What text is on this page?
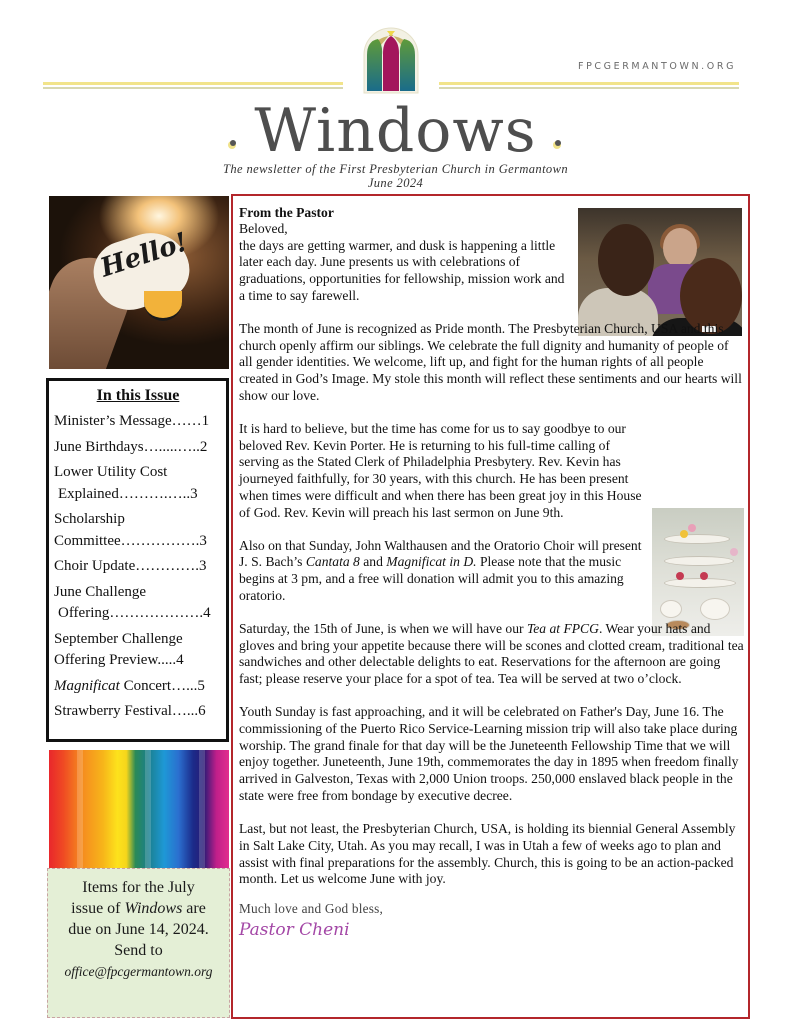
FPCGERMANTOWN.ORG
Windows
The newsletter of the First Presbyterian Church in Germantown
June 2024
Hello!
In this Issue
Minister’s Message……1
June Birthdays….....…..2
Lower Utility Cost
Explained……….…..3
Scholarship
Committee…………….3
Choir Update………….3
June Challenge
Offering……………….4
September Challenge
Offering Preview.....4
Magnificat Concert…...5
Strawberry Festival…...6
Items for the July
issue of Windows are
due on June 14, 2024.
Send to
office@fpcgermantown.org
From the Pastor
Beloved,

the days are getting warmer, and dusk is happening a little later each day. June presents us with celebrations of graduations, opportunities for fellowship, mission work and a time to say farewell.

The month of June is recognized as Pride month. The Presbyterian Church, USA and this church openly affirm our siblings. We celebrate the full dignity and humanity of people of all gender identities. We welcome, lift up, and fight for the human rights of all people created in God’s Image. My stole this month will reflect these sentiments and our hearts will show our love.

It is hard to believe, but the time has come for us to say goodbye to our beloved Rev. Kevin Porter. He is returning to his full-time calling of serving as the Stated Clerk of Philadelphia Presbytery. Rev. Kevin has journeyed faithfully, for 30 years, with this church. He has been present when times were difficult and when there has been great joy in this House of God. Rev. Kevin will preach his last sermon on June 9th.

Also on that Sunday, John Walthausen and the Oratorio Choir will present J. S. Bach’s Cantata 8 and Magnificat in D. Please note that the music begins at 3 pm, and a free will donation will admit you to this amazing oratorio.

Saturday, the 15th of June, is when we will have our Tea at FPCG. Wear your hats and gloves and bring your appetite because there will be scones and clotted cream, traditional tea sandwiches and other delectable delights to eat. Reservations for the afternoon are going fast; please reserve your place for a spot of tea. Tea will be served at two o’clock.

Youth Sunday is fast approaching, and it will be celebrated on Father's Day, June 16. The commissioning of the Puerto Rico Service-Learning mission trip will also take place during worship. The grand finale for that day will be the Juneteenth Fellowship Time that we will enjoy together. Juneteenth, June 19th, commemorates the day in 1895 when freedom finally arrived in Galveston, Texas with 2,000 Union troops. 250,000 enslaved black people in the state were free from bondage by executive decree.

Last, but not least, the Presbyterian Church, USA, is holding its biennial General Assembly in Salt Lake City, Utah. As you may recall, I was in Utah a few of weeks ago to plan and assist with final preparations for the assembly. Church, this is going to be an action-packed month. Let us welcome June with joy.

Much love and God bless,
Pastor Cheni
